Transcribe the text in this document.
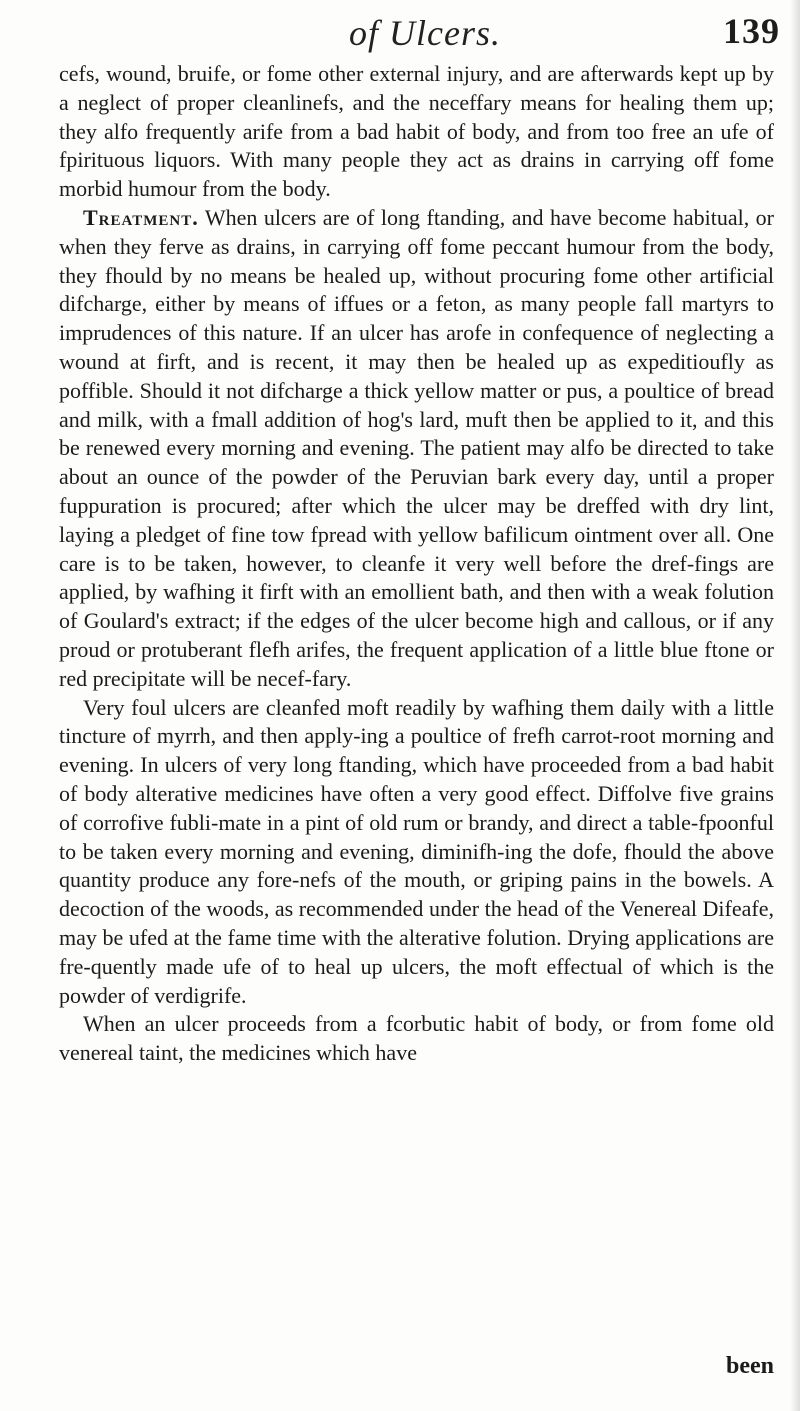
of Ulcers.	139

cefs, wound, bruife, or fome other external injury, and are afterwards kept up by a neglect of proper cleanlinefs, and the neceffary means for healing them up; they alfo frequently arife from a bad habit of body, and from too free an ufe of fpirituous liquors. With many people they act as drains in carrying off fome morbid humour from the body.

Treatment. When ulcers are of long ftanding, and have become habitual, or when they ferve as drains, in carrying off fome peccant humour from the body, they fhould by no means be healed up, without procuring fome other artificial difcharge, either by means of iffues or a feton, as many people fall martyrs to imprudences of this nature. If an ulcer has arofe in confequence of neglecting a wound at firft, and is recent, it may then be healed up as expeditioufly as poffible. Should it not difcharge a thick yellow matter or pus, a poultice of bread and milk, with a fmall addition of hog's lard, muft then be applied to it, and this be renewed every morning and evening. The patient may alfo be directed to take about an ounce of the powder of the Peruvian bark every day, until a proper fuppuration is procured; after which the ulcer may be dreffed with dry lint, laying a pledget of fine tow fpread with yellow bafilicum ointment over all. One care is to be taken, however, to cleanfe it very well before the dref-fings are applied, by wafhing it firft with an emollient bath, and then with a weak folution of Goulard's extract; if the edges of the ulcer become high and callous, or if any proud or protuberant flefh arifes, the frequent application of a little blue ftone or red precipitate will be necef-fary.

Very foul ulcers are cleanfed moft readily by wafhing them daily with a little tincture of myrrh, and then apply-ing a poultice of frefh carrot-root morning and evening. In ulcers of very long ftanding, which have proceeded from a bad habit of body alterative medicines have often a very good effect. Diffolve five grains of corrofive fubli-mate in a pint of old rum or brandy, and direct a table-fpoonful to be taken every morning and evening, diminifh-ing the dofe, fhould the above quantity produce any fore-nefs of the mouth, or griping pains in the bowels. A decoction of the woods, as recommended under the head of the Venereal Difeafe, may be ufed at the fame time with the alterative folution. Drying applications are fre-quently made ufe of to heal up ulcers, the moft effectual of which is the powder of verdigrife.

When an ulcer proceeds from a fcorbutic habit of body, or from fome old venereal taint, the medicines which have

been
